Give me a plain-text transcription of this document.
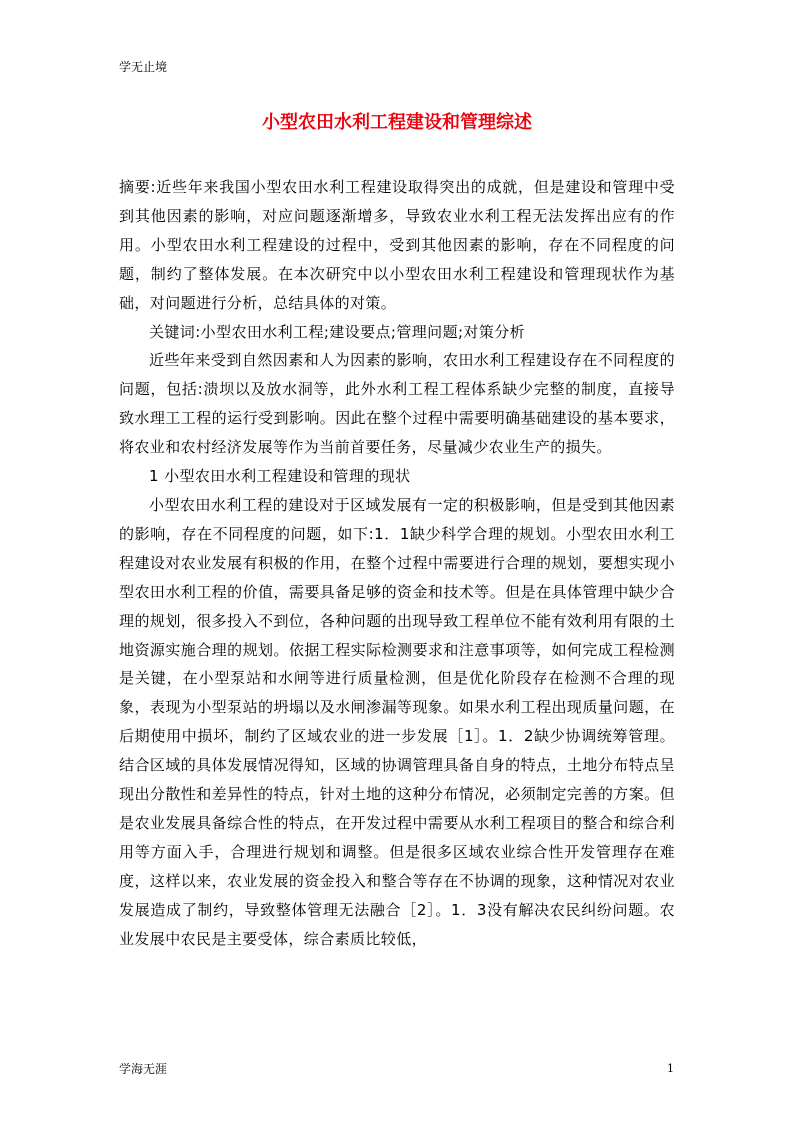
学无止境
小型农田水利工程建设和管理综述

摘要:近些年来我国小型农田水利工程建设取得突出的成就，但是建设和管理中受到其他因素的影响，对应问题逐渐增多，导致农业水利工程无法发挥出应有的作用。小型农田水利工程建设的过程中，受到其他因素的影响，存在不同程度的问题，制约了整体发展。在本次研究中以小型农田水利工程建设和管理现状作为基础，对问题进行分析，总结具体的对策。

关键词:小型农田水利工程;建设要点;管理问题;对策分析

近些年来受到自然因素和人为因素的影响，农田水利工程建设存在不同程度的问题，包括:溃坝以及放水洞等，此外水利工程工程体系缺少完整的制度，直接导致水理工工程的运行受到影响。因此在整个过程中需要明确基础建设的基本要求，将农业和农村经济发展等作为当前首要任务，尽量减少农业生产的损失。

1 小型农田水利工程建设和管理的现状

小型农田水利工程的建设对于区域发展有一定的积极影响，但是受到其他因素的影响，存在不同程度的问题，如下:1．1缺少科学合理的规划。小型农田水利工程建设对农业发展有积极的作用，在整个过程中需要进行合理的规划，要想实现小型农田水利工程的价值，需要具备足够的资金和技术等。但是在具体管理中缺少合理的规划，很多投入不到位，各种问题的出现导致工程单位不能有效利用有限的土地资源实施合理的规划。依据工程实际检测要求和注意事项等，如何完成工程检测是关键，在小型泵站和水闸等进行质量检测，但是优化阶段存在检测不合理的现象，表现为小型泵站的坍塌以及水闸渗漏等现象。如果水利工程出现质量问题，在后期使用中损坏，制约了区域农业的进一步发展［1］。1．2缺少协调统筹管理。结合区域的具体发展情况得知，区域的协调管理具备自身的特点，土地分布特点呈现出分散性和差异性的特点，针对土地的这种分布情况，必须制定完善的方案。但是农业发展具备综合性的特点，在开发过程中需要从水利工程项目的整合和综合利用等方面入手，合理进行规划和调整。但是很多区域农业综合性开发管理存在难度，这样以来，农业发展的资金投入和整合等存在不协调的现象，这种情况对农业发展造成了制约，导致整体管理无法融合［2］。1．3没有解决农民纠纷问题。农业发展中农民是主要受体，综合素质比较低，

学海无涯	1
